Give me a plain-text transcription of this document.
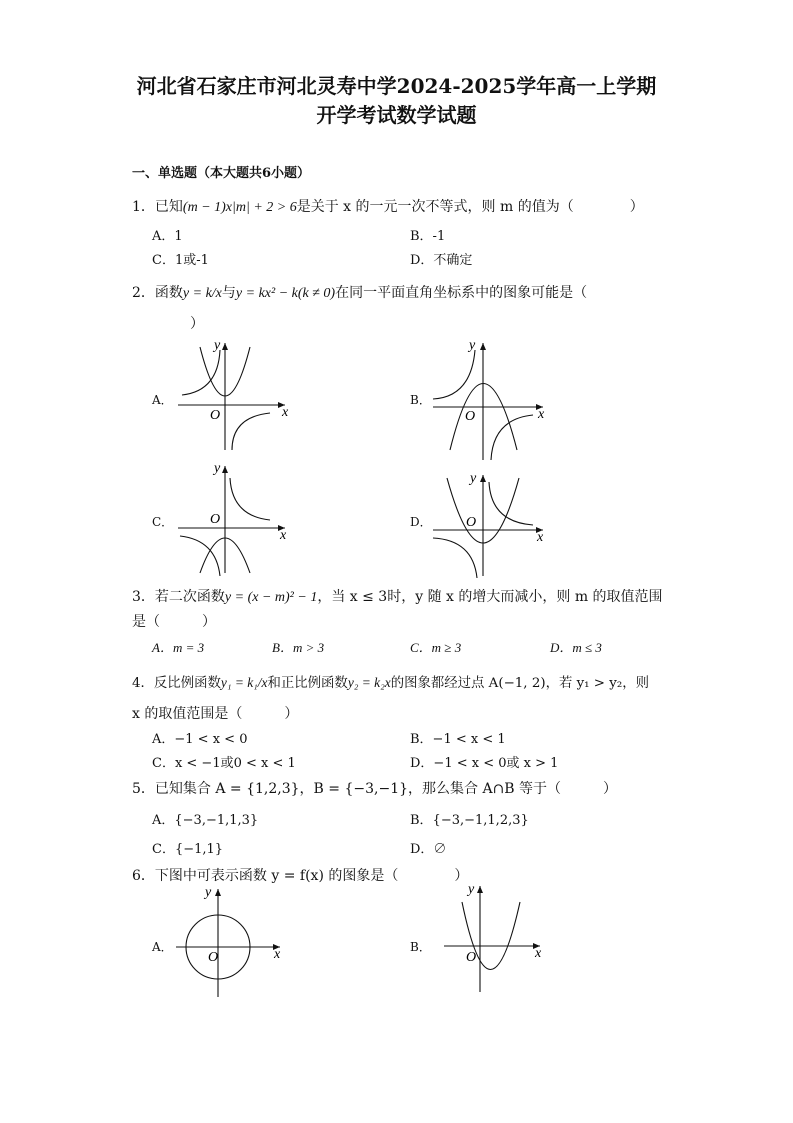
河北省石家庄市河北灵寿中学2024-2025学年高一上学期
开学考试数学试题
一、单选题（本大题共6小题）
1．已知(m − 1)x|m| + 2 > 6是关于 x 的一元一次不等式，则 m 的值为（　　　　）
A．1	B．-1
C．1或-1	D．不确定
2．函数y = k/x与y = kx² − k(k ≠ 0)在同一平面直角坐标系中的图象可能是（
）
A．	B．
C．	D．
x
y
O	x
y
O
x
y
O
x
y
O
3．若二次函数y = (x − m)² − 1，当 x ≤ 3时，y 随 x 的增大而减小，则 m 的取值范围
是（　　　）
A．m = 3	B．m > 3	C．m ≥ 3	D．m ≤ 3
4．反比例函数y₁ = k₁/x和正比例函数y₂ = k₂x的图象都经过点 A(−1, 2)，若 y₁ > y₂，则
x 的取值范围是（　　　）
A．−1 < x < 0	B．−1 < x < 1
C．x < −1或0 < x < 1	D．−1 < x < 0或 x > 1
5．已知集合 A = {1,2,3}，B = {−3,−1}，那么集合 A∩B 等于（　　　）
A．{−3,−1,1,3}	B．{−3,−1,1,2,3}
C．{−1,1}	D．∅
6．下图中可表示函数 y = f(x) 的图象是（　　　　）
A．	B．
x
y
O	x
y
O
